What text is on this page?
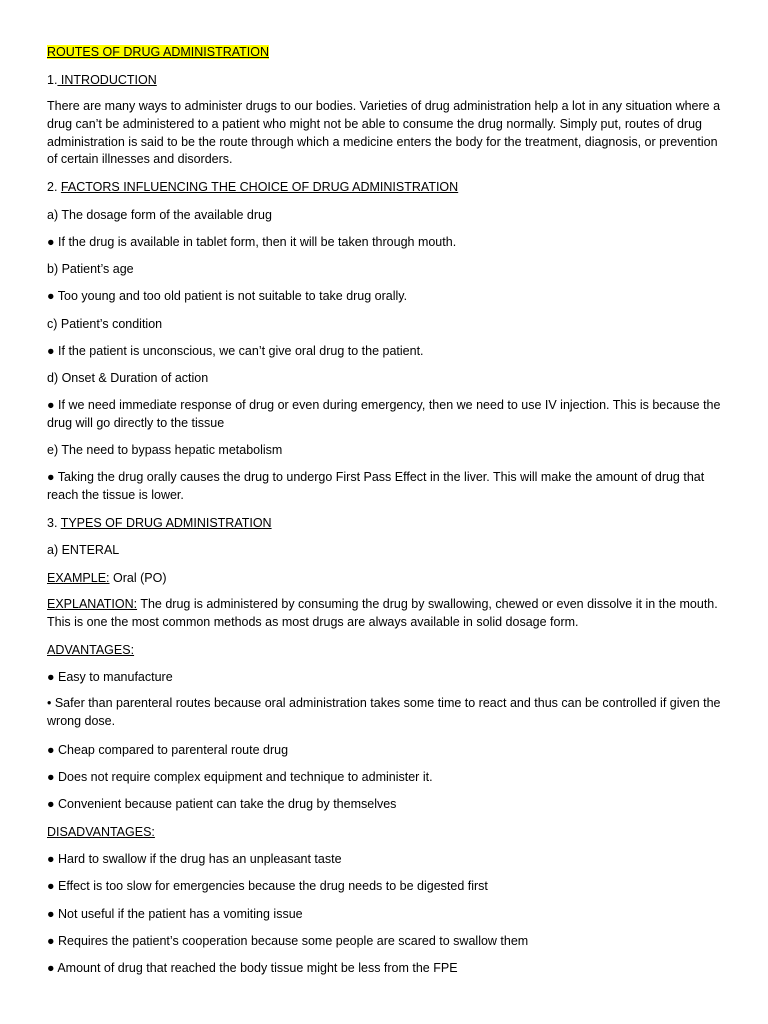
ROUTES OF DRUG ADMINISTRATION
1. INTRODUCTION
There are many ways to administer drugs to our bodies. Varieties of drug administration help a lot in any situation where a drug can’t be administered to a patient who might not be able to consume the drug normally. Simply put, routes of drug administration is said to be the route through which a medicine enters the body for the treatment, diagnosis, or prevention of certain illnesses and disorders.
2. FACTORS INFLUENCING THE CHOICE OF DRUG ADMINISTRATION
a) The dosage form of the available drug
● If the drug is available in tablet form, then it will be taken through mouth.
b) Patient’s age
● Too young and too old patient is not suitable to take drug orally.
c) Patient’s condition
● If the patient is unconscious, we can’t give oral drug to the patient.
d) Onset & Duration of action
● If we need immediate response of drug or even during emergency, then we need to use IV injection. This is because the drug will go directly to the tissue
e) The need to bypass hepatic metabolism
● Taking the drug orally causes the drug to undergo First Pass Effect in the liver. This will make the amount of drug that reach the tissue is lower.
3. TYPES OF DRUG ADMINISTRATION
a) ENTERAL
EXAMPLE: Oral (PO)
EXPLANATION: The drug is administered by consuming the drug by swallowing, chewed or even dissolve it in the mouth. This is one the most common methods as most drugs are always available in solid dosage form.
ADVANTAGES:
● Easy to manufacture
• Safer than parenteral routes because oral administration takes some time to react and thus can be controlled if given the wrong dose.
● Cheap compared to parenteral route drug
● Does not require complex equipment and technique to administer it.
● Convenient because patient can take the drug by themselves
DISADVANTAGES:
● Hard to swallow if the drug has an unpleasant taste
● Effect is too slow for emergencies because the drug needs to be digested first
● Not useful if the patient has a vomiting issue
● Requires the patient’s cooperation because some people are scared to swallow them
● Amount of drug that reached the body tissue might be less from the FPE
